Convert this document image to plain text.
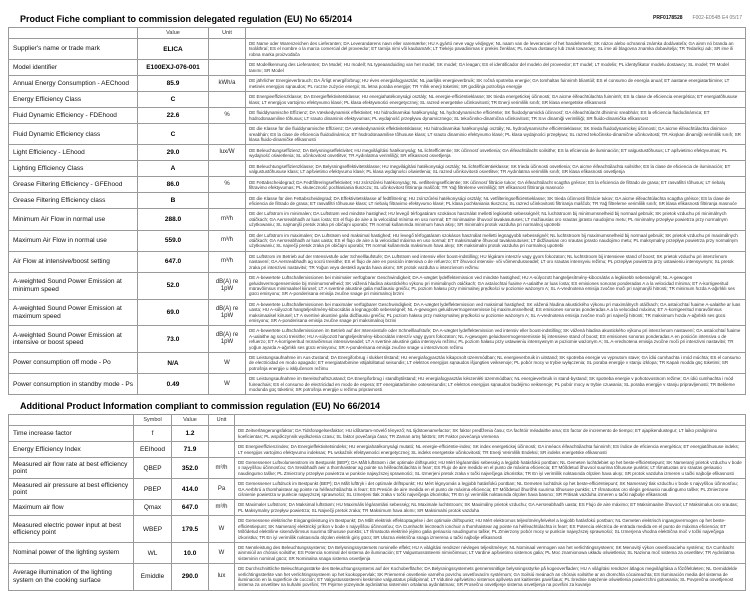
PRF0178528 F002-E054B E4 05/17
Product Fiche compliant to commission delegated regulation (EU) No 65/2014
	Value	Unit	
Supplier's name or trade mark	ELICA		DE Name oder Warenzeichen des Lieferanten; DA Leverandørens navn eller varemærke; HU A gyártó neve vagy védjegye; NL naam van de leverancier of het handelsmerk; SK názov alebo ochranná známka dodávateľa; GA ainm nó branda an tsoláthraí; ES el nombre o la marca comercial del proveedor; ET tarnija nimi või kaubamärk; LT Tiekėjo pavadinimas ir prekės ženklas; PL nazwa dostawcy lub znak towarowy; SL ime ali blagovna znamka dobavitelja; TR Tedarikçi adı; SR ime ili robna marka proizvođača
Model identifier	E100EXJ-076-001		DE Modellkennung des Lieferanten; DA Model; HU modell; NL typeaanduiding van het model; SK model; GA leagan; ES el identificador del modelo del proveedor; ET mudel; LT modelis; PL identyfikator modelu dostawcy; SL model; TR Model tanımı; SR Model
Annual Energy Consumption - AEChood	85.9	kWh/a	DE jährlicher Energieverbrauch; DA Årligt energiforbrug; HU éves energiafogyasztás; NL jaarlijks energieverbruik; SK ročná spotreba energie; GA tomhaltas fuinnimh bliantúil; ES el consumo de energía anual; ET aastane energiatarbimine; LT metinės energijos sąnaudos; PL roczne zużycie energii; SL letna poraba energije; TR Yıllık enerji tüketimi; SR godišnja potrošnja energije
Energy Efficiency Class	C		DE Energieeffizienzklasse; DA Energieffektivitetsklasse; HU energiahatékonysági osztály; NL energie-efficiëntieklasse; SK trieda energetickej účinnosti; GA aicme éifeachtúlachta fuinnimh; ES la clase de eficiencia energética; ET energiatõhususe klass; LT energijos vartojimo efektyvumo klasė; PL klasa efektywności energetycznej; SL razred energetske učinkovitosti; TR Enerji verimlilik sınıfı; SR klasa energetske efikasnosti
Fluid Dynamic Efficiency - FDEhood	22.6	%	DE fluiddynamische Effizienz; DA Væskedynamisk effektivitet; HU hidrodinamikai hatékonyság; NL hydrodynamische efficiëntie; SK fluidodynamická účinnosť; GA éifeachtúlacht dhinimic sreabhán; ES la eficiencia fluidodinámica; ET hüdrodünaamiline tõhusus; LT srauto dinaminis efektyvumas; PL wydajność przepływu dynamicznego; SL tekočinsko-dinamična učinkovitost; TR Sıvı dinamiği verimliliği; SR fluido-dinamička efikasnost
Fluid Dynamic Efficiency class	C		DE die Klasse für die fluiddynamische Effizienz; DA væskedynamisk effektivitetsklasse; HU hidrodinamikai hatékonysági osztály; NL hydrodynamische efficiëntieklasse; SK trieda fluidodynamickej účinnosti; GA aicme éifeachtúlachta dinimice sreabhán; ES la clase de eficiencia fluidodinámica; ET hüdrodünaamilise tõhususe klass; LT srauto dinaminio efektyvumo klasė; PL klasa wydajności przepływu; SL razred tekočinsko-dinamične učinkovitosti; TR Akışkan dinamiği verimlilik sınıfı; SR klasa fluido-dinamičke efikasnosti
Light Efficiency - LEhood	29.0	lux/W	DE Beleuchtungseffizienz; DA Belysningseffektivitet; HU megvilágítási hatékonyság; NL lichtefficiëntie; SK účinnosť osvetlenia; GA éifeachtúlacht soilsithe; ES la eficiencia de iluminación; ET valgustustõhusus; LT apšvietimo efektyvumas; PL wydajność oświetlenia; SL učinkovitost osvetlitve; TR Aydınlatma verimliliği; SR efikasnost osvetljenja
Lighting Efficiency Class	A		DE Beleuchtungseffizienzklasse; DA Belysningseffektivitetsklasse; HU megvilágítási hatékonysági osztály; NL lichtefficiëntieklasse; SK trieda účinnosti osvetlenia; GA aicme éifeachtúlachta soilsithe; ES la clase de eficiencia de iluminación; ET valgustustõhususe klass; LT apšvietimo efektyvumo klasė; PL klasa wydajności oświetlenia; SL razred učinkovitosti osvetlitve; TR Aydınlatma verimlilik sınıfı; SR klasa efikasnosti osvetljenja
Grease Filtering Efficiency - GFEhood	86.0	%	DE Fettabscheidegrad; DA Fedtfiltreringseffektivitet; HU zsírszűrési hatékonyság; NL vetfilteringsefficiëntie; SK účinnosť filtrácie tukov; GA éifeachtúlacht scagtha gréisce; ES la eficiencia de filtrado de grasa; ET rasvafiltri tõhusus; LT riebalų filtravimo efektyvumas; PL skuteczność pochłaniania tłuszczu; SL učinkovitost filtriranja maščob; TR Yağ filtreleme verimliliği; SR efikasnost filtriranja masnoće
Grease Filtering Efficiency class	B		DE die Klasse für den Fettabscheidegrad; DA Effektivitetsklasse af fedtfiltrering; HU zsírszűrési hatékonysági osztály; NL vetfilteringsefficiëntieklasse; SK trieda účinnosti filtrácie tukov; GA aicme éifeachtúlachta scagtha gréisce; ES la clase de eficiencia de filtrado de grasa; ET rasvafiltri tõhususe klass; LT riebalų filtravimo efektyvumo klasė; PL klasa pochłaniania tłuszczu; SL razred učinkovitosti filtriranja maščob; TR Yağ filtreleme verimlilik sınıfı; SR klasa efikasnosti filtriranja masnoće
Minimum Air Flow in normal use	288.0	m³/h	DE der Luftstrom im minimalen; DA Luftstrøm ved mindste hastighed; HU levegő térfogatáram szokásos használat melletti legkisebb sebességnél; NL luchtstroom bij minimumsnelheid bij normaal gebruik; SK prietok vzduchu pri minimálnych otáčkach; GA Aersreabhadh ar luas íosta; ES el flujo de aire a la velocidad mínima en uso normal; ET minimaalne õhuvool tavakasutuses; LT mažiausias oro srautas įprasto naudojimo metu; PL minimalny przepływ powietrza przy normalnym użytkowaniu; SL najmanjši pretok zraka pri običajni uporabi; TR normal kullanımda minimum hava akışı; SR minimalni protok vazduha pri normalnoj upotrebi
Maximum Air Flow in normal use	559.0	m³/h	DE der Luftstrom im maximalen; DA Luftstrøm ved maksimal hastighed; HU levegő térfogatáram szokásos használat melletti legnagyobb sebességnél; NL luchtstroom bij maximumsnelheid bij normaal gebruik; SK prietok vzduchu pri maximálnych otáčkach; GA Aersreabhadh ar luas uasta; ES el flujo de aire a la velocidad máxima en uso normal; ET maksimaalne õhuvool tavakasutuses; LT didžiausias oro srautas įprasto naudojimo metu; PL maksymalny przepływ powietrza przy normalnym użytkowaniu; SL največji pretok zraka pri običajni uporabi; TR normal kullanımda maksimum hava akışı; SR maksimalni protok vazduha pri normalnoj upotrebi
Air Flow at intensive/boost setting	647.0	m³/h	DE Luftstrom im Betrieb auf der Intensivstufe oder Schnelllaufstufe; DA Luftstrøm ved intensiv eller boost-indstilling; HU légáram intenzív vagy gyors fokozaton; NL luchtstroom bij intensieve stand of boost; SK prietok vzduchu pri intenzívnom nastavení; GA Aersreabhadh ag socrú treisithe; ES el flujo de aire en posición intensiva o de refuerzo; ET õhuvool intensiiv- või võimendusseadel; LT oro srautas intensyviu režimu; PL przepływ powietrza przy ustawieniu intensywnym; SL pretok zraka pri intenzivni nastavitvi; TR Yoğun veya destekli ayarda hava akımı; SR protok vazduha u intenzivnom režimu
A-weighted Sound Power Emission at minimum speed	52.0	dB(A) re 1pW	DE A-bewertete Luftschallemissionen bei minimaler verfügbarer Geschwindigkeit; DA A-vægtet lydeffektemission ved mindste hastighed; HU A-súlyozott hangteljesítmény-kibocsátás a legkisebb sebességnél; NL A-gewogen geluidsvermogensemissie bij minimumsnelheid; SK vážená hladina akustického výkonu pri minimálnych otáčkach; GA astaíochtaí fuaime A-ualaithe ar luas íosta; ES emisiones sonoras ponderadas A a la velocidad mínima; ET A-korrigeeritud müravõimsus minimaalsel kiirusel; LT A svertinė akustinė galia mažiausiu greičiu; PL poziom hałasu przy minimalnej prędkości w poziomie ważonym A; SL A-vrednotena emisija zvočne moči pri najmanjši hitrosti; TR minimum hızda A-ağırlıklı ses gücü emisyonu; SR A-ponderisana emisija zvučne snage pri minimalnoj brzini
A-weighted Sound Power Emission at maximum speed	69.0	dB(A) re 1pW	DE A-bewertete Luftschallemissionen bei maximaler verfügbarer Geschwindigkeit; DA A-vægtet lydeffektemission ved maksimal hastighed; SK vážená hladina akustického výkonu pri maximálnych otáčkach; GA astaíochtaí fuaime A-ualaithe ar luas uasta; HU A-súlyozott hangteljesítmény-kibocsátás a legnagyobb sebességnél; NL A-gewogen geluidsvermogensemissie bij maximumsnelheid; ES emisiones sonoras ponderadas A a la velocidad máxima; ET A-korrigeeritud müravõimsus maksimaalsel kiirusel; LT A svertinė akustinė galia didžiausiu greičiu; PL poziom hałasu przy maksymalnej prędkości w poziomie ważonym A; SL A-vrednotena emisija zvočne moči pri največji hitrosti; TR maksimum hızda A-ağırlıklı ses gücü emisyonu; SR A-ponderisana emisija zvučne snage pri maksimalnoj brzini
A-weighted Sound Power Emission at intensive or boost speed	73.0	dB(A) re 1pW	DE A-bewertete Luftschallemissionen im Betrieb auf der Intensivstufe oder Schnelllaufstufe; DA A-vægtet lydeffektemission ved intensiv eller boost-indstilling; SK vážená hladina akustického výkonu pri intenzívnom nastavení; GA astaíochtaí fuaime A-ualaithe ag socrú treisithe; HU A-súlyozott hangteljesítmény-kibocsátás intenzív vagy gyors fokozaton; NL A-gewogen geluidsvermogensemissie bij intensieve stand of boost; ES emisiones sonoras ponderadas A en posición intensiva o de refuerzo; ET A-korrigeeritud müravõimsus intensiivseadel; LT A svertinė akustinė galia intensyviu režimu; PL poziom hałasu przy ustawieniu intensywnym w poziomie ważonym A; SL A-vrednotena emisija zvočne moči pri intenzivni nastavitvi; TR yoğun ayarda A-ağırlıklı ses gücü emisyonu; SR A-ponderisana emisija zvučne snage u intenzivnom režimu
Power consumption off mode - Po	N/A	W	DE Leistungsaufnahme im Aus-Zustand; DA Energiforbrug i slukket tilstand; HU energiafogyasztás kikapcsolt üzemmódban; NL energieverbruik in uitstand; SK spotreba energie vo vypnutom stave; GA ídiú cumhachta i mód múchta; ES el consumo de electricidad en modo apagado; ET energiatarbimine väljalülitatud seisundis; LT elektros energijos sąnaudos išjungties veiksenoje; PL pobór mocy w trybie wyłączenia; SL poraba energije v stanju izklopa; TR Kapalı modda güç tüketimi; SR potrošnja energije u isključenom režimu
Power consumption in standby mode - Ps	0.49	W	DE Leistungsaufnahme im Bereitschaftszustand; DA Energiforbrug i standbytilstand; HU energiafogyasztás készenléti üzemmódban; NL energieverbruik in stand-bystand; SK spotreba energie v pohotovostnom režime; GA ídiú cumhachta i mód fuireachais; ES el consumo de electricidad en modo de espera; ET energiatarbimine ooteseisundis; LT elektros energijos sąnaudos budėjimo veiksenoje; PL pobór mocy w trybie czuwania; SL poraba energije v stanju pripravljenosti; TR Bekleme modunda güç tüketimi; SR potrošnja energije u režimu pripravnosti
Additional Product Information compliant to commission regulation (EU) No 66/2014
	Symbol	Value	Unit	
Time increase factor	f	1.2		DE Zeitverlängerungsfaktor; DA Tidsforøgelsesfaktor; HU időtartam-növelő tényező; NL tijdstoenamefactor; SK faktor predĺženia času; GA fachtóir méadaithe ama; ES factor de incremento de tiempo; ET ajapikendustegur; LT laiko prailginimo koeficientas; PL współczynnik wydłużenia czasu; SL faktor povečanja časa; TR Zaman artış faktörü; SR Faktor povećanja vremena
Energy Efficiency Index	EEIhood	71.9		DE Energieeffizienzindex; DA Energieffektivitetsindeks; HU energiahatékonysági mutató; NL energie-efficiëntie-index; SK index energetickej účinnosti; GA innéacs éifeachtúlachta fuinnimh; ES índice de eficiencia energética; ET energiatõhususe indeks; LT energijos vartojimo efektyvumo indeksas; PL wskaźnik efektywności energetycznej; SL indeks energetske učinkovitosti; TR Enerji Verimlilik Endeksi; SR indeks energetske efikasnosti
Measured air flow rate at best efficiency point	QBEP	352.0	m³/h	DE Gemessener Luftvolumenstrom im Bestpunkt (BEP); DA Målt luftstrøm i det optimale driftspunkt; HU Mért légáramlási sebesség a legjobb hatásfokú pontban; NL Gemeten luchtdebiet op het beste-efficiëntiepunt; SK Nameraný prietok vzduchu v bode s najvyššou účinnosťou; GA Sreabhadh aeir a thomhaistear ag pointe na héifeachtúlachta is fearr; ES Flujo de aire medido en el punto de máxima eficiencia; ET Mõõdetud õhuvool suurima tõhususe punktis; LT Išmatuotas oro srautas geriausio naudingumo taške; PL Zmierzony przepływ powietrza w punkcie najwyższej sprawności; SL Izmerjeni pretok zraka v točki največjega izkoristka; TR En iyi verimlilik noktasında ölçülen hava akışı; SR protok vazduha izmeren u tački najbolje efikasnosti
Measured air pressure at best efficiency point	PBEP	414.0	Pa	DE Gemessener Luftdruck im Bestpunkt (BEP); DA Målt lufttryk i det optimale driftspunkt; HU Mért légnyomás a legjobb hatásfokú pontban; NL Gemeten luchtdruk op het beste-efficiëntiepunt; SK Nameraný tlak vzduchu v bode s najvyššou účinnosťou; GA Aerbhrú a thomhaistear ag pointe na héifeachtúlachta is fearr; ES Presión de aire medida en el punto de máxima eficiencia; ET Mõõdetud õhurõhk suurima tõhususe punktis; LT Išmatuotas oro slėgis geriausio naudingumo taške; PL Zmierzone ciśnienie powietrza w punkcie najwyższej sprawności; SL Izmerjeni tlak zraka v točki največjega izkoristka; TR En iyi verimlilik noktasında ölçülen hava basıncı; SR Pritisak vazduha izmeren u tački najbolje efikasnosti
Maximum air flow	Qmax	647.0	m³/h	DE Maximaler Luftstrom; DA Maksimal luftstrøm; HU Maximális légáramlási sebesség; NL Maximale luchtstroom; SK Maximálny prietok vzduchu; GA Aersreabhadh uasta; ES Flujo de aire máximo; ET Maksimaalne õhuvool; LT Maksimalus oro srautas; PL Maksymalny przepływ powietrza; SL Največji pretok zraka; TR Maksimum hava akımı; SR Maksimalni protok vazduha
Measured electric power input at best efficiency point	WBEP	179.5	W	DE Gemessene elektrische Eingangsleistung im Bestpunkt; DA Målt elektrisk effektoptagelse i det optimale driftspunkt; HU Mért elektromos teljesítményfelvétel a legjobb hatásfokú pontban; NL Gemeten elektrisch ingangsvermogen op het beste-efficiëntiepunt; SK Nameraný elektrický príkon v bode s najvyššou účinnosťou; GA Cumhacht leictreach ionchuir a thomhaistear ag pointe na héifeachtúlachta is fearr; ES Potencia eléctrica de entrada medida en el punto de máxima eficiencia; ET Mõõdetud elektriline sisendvõimsus suurima tõhususe punktis; LT Išmatuota elektrinė įėjimo galia geriausio naudingumo taške; PL Zmierzony pobór mocy w punkcie najwyższej sprawności; SL Izmerjena vhodna električna moč v točki največjega izkoristka; TR En iyi verimlilik noktasında ölçülen elektrik giriş gücü; SR Ulazna električna snaga izmerena u tački najbolje efikasnosti
Nominal power of the lighting system	WL	10.0	W	DE Nennleistung des Beleuchtungssystems; DA Belysningssystemets nominelle effekt; HU A világítási rendszer névleges teljesítménye; NL Nominaal vermogen van het verlichtingssysteem; SK Menovitý výkon osvetľovacieho systému; GA Cumhacht ainmniúil an chórais soilsithe; ES Potencia nominal del sistema de iluminación; ET Valgustussüsteemi nimivõimsus; LT Vardinė apšvietimo sistemos galia; PL Moc znamionowa układu oświetlenia; SL Nazivna moč sistema za osvetlitev; TR Aydınlatma sisteminin nominal gücü; SR Nominalna snaga sistema osvetljenja
Average illumination of the lighting system on the cooking surface	Emiddle	290.0	lux	DE Durchschnittliche Beleuchtungsstärke des Beleuchtungssystems auf der Kochoberfläche; DA Belysningssystemets gennemsnitlige belysningsstyrke på kogeoverfladen; HU A világítási rendszer átlagos megvilágítása a főzőfelületen; NL Gemiddelde verlichtingssterkte van het verlichtingssysteem op het kookoppervlak; SK Priemerné osvetlenie varného povrchu osvetľovacím systémom; GA Soilsiú meánach an chórais soilsithe ar an dromchla cócaireachta; ES Iluminación media del sistema de iluminación en la superficie de cocción; ET Valgustussüsteemi keskmine valgustatus pliidipinnal; LT Vidutinė apšvietimo sistemos apšvieta ant kaitlentės paviršiaus; PL Średnie natężenie oświetlenia powierzchni gotowania; SL Povprečna osvetljenost sistema za osvetlitev na kuhalni površini; TR Pişirme yüzeyinde aydınlatma sisteminin ortalama aydınlatması; SR Prosečno osvetljenje sistema osvetljenja na površini za kuvanje
